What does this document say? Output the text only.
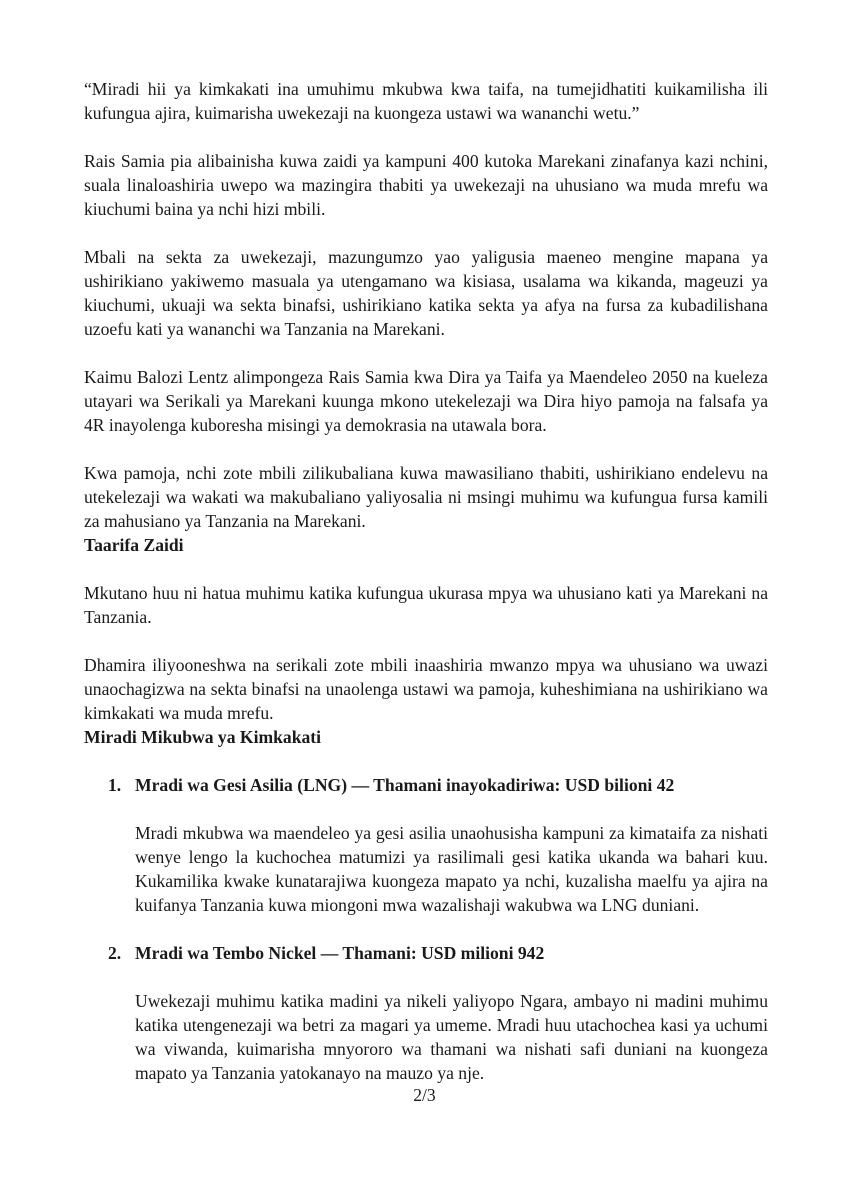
“Miradi hii ya kimkakati ina umuhimu mkubwa kwa taifa, na tumejidhatiti kuikamilisha ili kufungua ajira, kuimarisha uwekezaji na kuongeza ustawi wa wananchi wetu.”

Rais Samia pia alibainisha kuwa zaidi ya kampuni 400 kutoka Marekani zinafanya kazi nchini, suala linaloashiria uwepo wa mazingira thabiti ya uwekezaji na uhusiano wa muda mrefu wa kiuchumi baina ya nchi hizi mbili.

Mbali na sekta za uwekezaji, mazungumzo yao yaligusia maeneo mengine mapana ya ushirikiano yakiwemo masuala ya utengamano wa kisiasa, usalama wa kikanda, mageuzi ya kiuchumi, ukuaji wa sekta binafsi, ushirikiano katika sekta ya afya na fursa za kubadilishana uzoefu kati ya wananchi wa Tanzania na Marekani.

Kaimu Balozi Lentz alimpongeza Rais Samia kwa Dira ya Taifa ya Maendeleo 2050 na kueleza utayari wa Serikali ya Marekani kuunga mkono utekelezaji wa Dira hiyo pamoja na falsafa ya 4R inayolenga kuboresha misingi ya demokrasia na utawala bora.

Kwa pamoja, nchi zote mbili zilikubaliana kuwa mawasiliano thabiti, ushirikiano endelevu na utekelezaji wa wakati wa makubaliano yaliyosalia ni msingi muhimu wa kufungua fursa kamili za mahusiano ya Tanzania na Marekani.

Taarifa Zaidi

Mkutano huu ni hatua muhimu katika kufungua ukurasa mpya wa uhusiano kati ya Marekani na Tanzania.

Dhamira iliyooneshwa na serikali zote mbili inaashiria mwanzo mpya wa uhusiano wa uwazi unaochagizwa na sekta binafsi na unaolenga ustawi wa pamoja, kuheshimiana na ushirikiano wa kimkakati wa muda mrefu.

Miradi Mikubwa ya Kimkakati
1. Mradi wa Gesi Asilia (LNG) — Thamani inayokadiriwa: USD bilioni 42

Mradi mkubwa wa maendeleo ya gesi asilia unaohusisha kampuni za kimataifa za nishati wenye lengo la kuchochea matumizi ya rasilimali gesi katika ukanda wa bahari kuu. Kukamilika kwake kunatarajiwa kuongeza mapato ya nchi, kuzalisha maelfu ya ajira na kuifanya Tanzania kuwa miongoni mwa wazalishaji wakubwa wa LNG duniani.

2. Mradi wa Tembo Nickel — Thamani: USD milioni 942

Uwekezaji muhimu katika madini ya nikeli yaliyopo Ngara, ambayo ni madini muhimu katika utengenezaji wa betri za magari ya umeme. Mradi huu utachochea kasi ya uchumi wa viwanda, kuimarisha mnyororo wa thamani wa nishati safi duniani na kuongeza mapato ya Tanzania yatokanayo na mauzo ya nje.

2/3
